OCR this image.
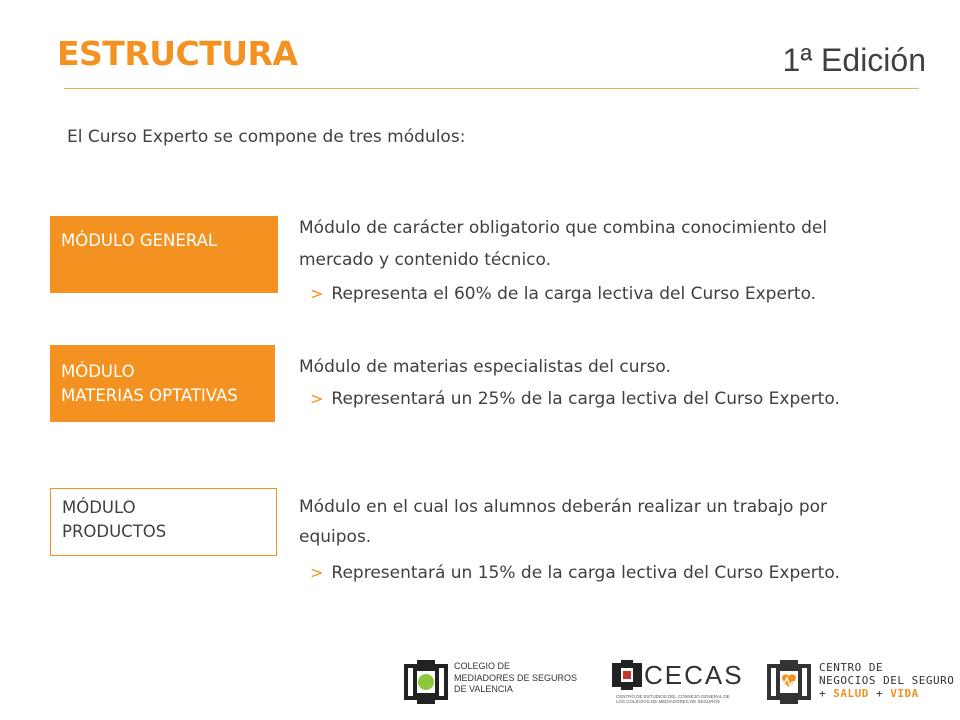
ESTRUCTURA	1ª Edición
El Curso Experto se compone de tres módulos:
MÓDULO GENERAL
Módulo de carácter obligatorio que combina conocimiento del
mercado y contenido técnico.
> Representa el 60% de la carga lectiva del Curso Experto.
MÓDULO
MATERIAS OPTATIVAS
Módulo de materias especialistas del curso.
> Representará un 25% de la carga lectiva del Curso Experto.
MÓDULO
PRODUCTOS
Módulo en el cual los alumnos deberán realizar un trabajo por
equipos.
> Representará un 15% de la carga lectiva del Curso Experto.
COLEGIO DE
MEDIADORES DE SEGUROS
DE VALENCIA	CECAS
CENTRO DE ESTUDIOS DEL CONSEJO GENERAL DE
LOS COLEGIOS DE MEDIADORES DE SEGUROS
CENTRO DE
NEGOCIOS DEL SEGURO
+ SALUD + VIDA
